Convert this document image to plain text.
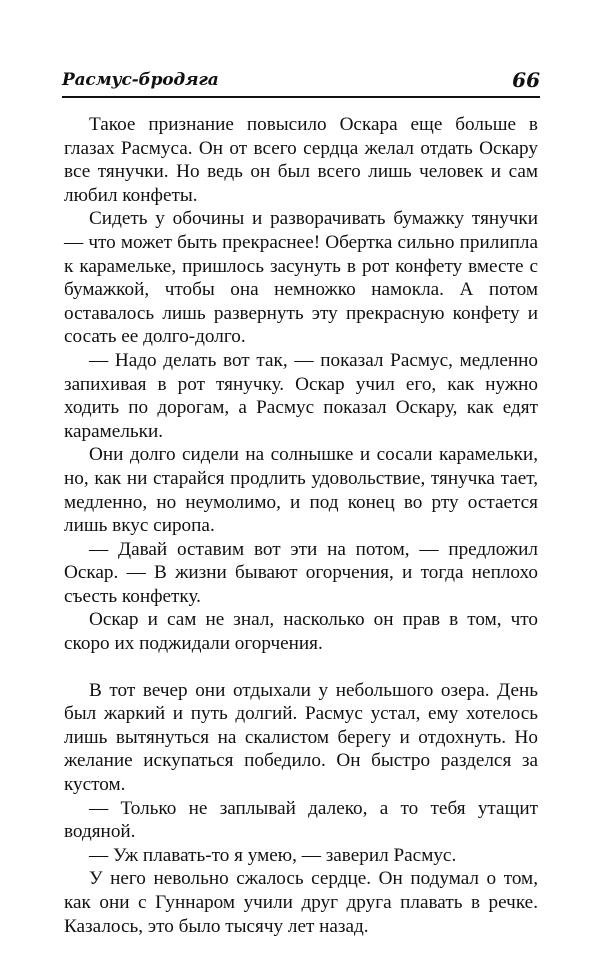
Расмус-бродяга	66

Такое признание повысило Оскара еще больше в глазах Расмуса. Он от всего сердца желал отдать Оскару все тянучки. Но ведь он был всего лишь человек и сам любил конфеты.

Сидеть у обочины и разворачивать бумажку тянучки — что может быть прекраснее! Обертка сильно прилипла к карамельке, пришлось засунуть в рот конфету вместе с бумажкой, чтобы она немножко намокла. А потом оставалось лишь развернуть эту прекрасную конфету и сосать ее долго-долго.

— Надо делать вот так, — показал Расмус, медленно запихивая в рот тянучку. Оскар учил его, как нужно ходить по дорогам, а Расмус показал Оскару, как едят карамельки.

Они долго сидели на солнышке и сосали карамельки, но, как ни старайся продлить удовольствие, тянучка тает, медленно, но неумолимо, и под конец во рту остается лишь вкус сиропа.

— Давай оставим вот эти на потом, — предложил Оскар. — В жизни бывают огорчения, и тогда неплохо съесть конфетку.

Оскар и сам не знал, насколько он прав в том, что скоро их поджидали огорчения.

В тот вечер они отдыхали у небольшого озера. День был жаркий и путь долгий. Расмус устал, ему хотелось лишь вытянуться на скалистом берегу и отдохнуть. Но желание искупаться победило. Он быстро разделся за кустом.

— Только не заплывай далеко, а то тебя утащит водяной.

— Уж плавать-то я умею, — заверил Расмус.

У него невольно сжалось сердце. Он подумал о том, как они с Гуннаром учили друг друга плавать в речке. Казалось, это было тысячу лет назад.
